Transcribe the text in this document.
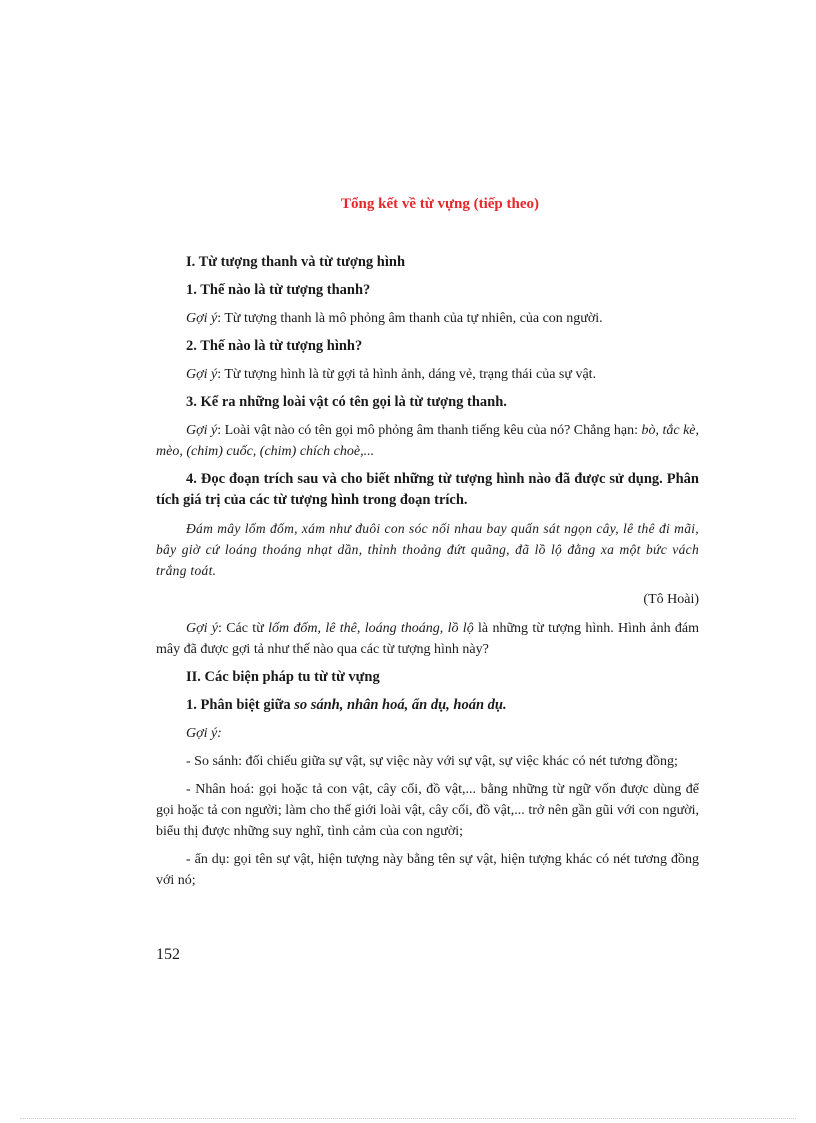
Tổng kết về từ vựng (tiếp theo)

I. Từ tượng thanh và từ tượng hình

1. Thế nào là từ tượng thanh?

Gợi ý: Từ tượng thanh là mô phỏng âm thanh của tự nhiên, của con người.

2. Thế nào là từ tượng hình?

Gợi ý: Từ tượng hình là từ gợi tả hình ảnh, dáng vẻ, trạng thái của sự vật.

3. Kể ra những loài vật có tên gọi là từ tượng thanh.

Gợi ý: Loài vật nào có tên gọi mô phỏng âm thanh tiếng kêu của nó? Chẳng hạn: bò, tắc kè, mèo, (chim) cuốc, (chim) chích choè,...

4. Đọc đoạn trích sau và cho biết những từ tượng hình nào đã được sử dụng. Phân tích giá trị của các từ tượng hình trong đoạn trích.

Đám mây lốm đốm, xám như đuôi con sóc nối nhau bay quấn sát ngọn cây, lê thê đi mãi, bây giờ cứ loáng thoáng nhạt dần, thỉnh thoảng đứt quãng, đã lồ lộ đằng xa một bức vách trắng toát.

(Tô Hoài)

Gợi ý: Các từ lốm đốm, lê thê, loáng thoáng, lồ lộ là những từ tượng hình. Hình ảnh đám mây đã được gợi tả như thế nào qua các từ tượng hình này?

II. Các biện pháp tu từ từ vựng

1. Phân biệt giữa so sánh, nhân hoá, ẩn dụ, hoán dụ.

Gợi ý:

- So sánh: đối chiếu giữa sự vật, sự việc này với sự vật, sự việc khác có nét tương đồng;

- Nhân hoá: gọi hoặc tả con vật, cây cối, đồ vật,... bằng những từ ngữ vốn được dùng để gọi hoặc tả con người; làm cho thế giới loài vật, cây cối, đồ vật,... trở nên gần gũi với con người, biểu thị được những suy nghĩ, tình cảm của con người;

- ẩn dụ: gọi tên sự vật, hiện tượng này bằng tên sự vật, hiện tượng khác có nét tương đồng với nó;

152
